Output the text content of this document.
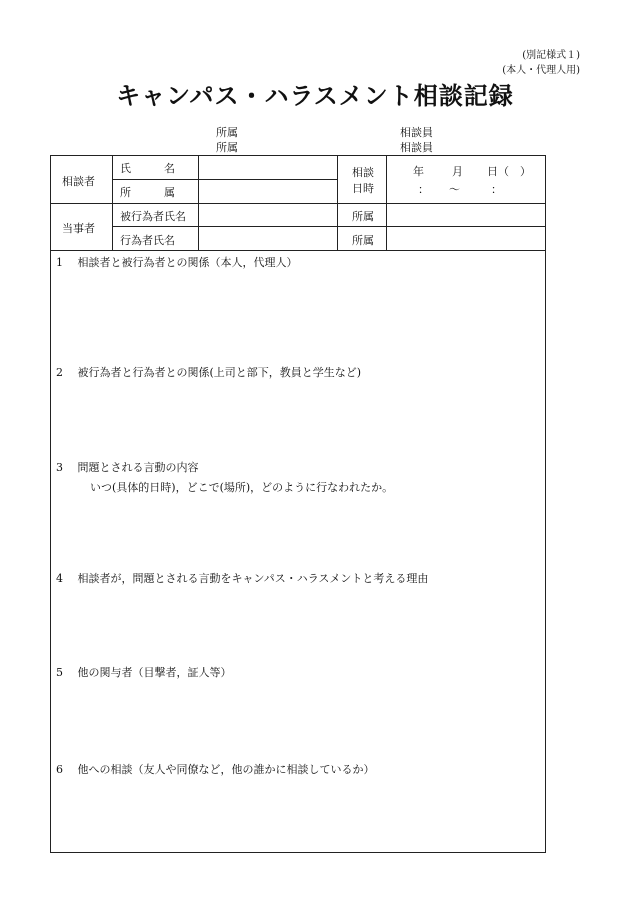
(別記様式１)
(本人・代理人用)
キャンパス・ハラスメント相談記録
所属
所属
相談員
相談員
相談者
氏　　　名
所　　　属
相談
日時
年	月 日（　）
： 〜	：
当事者
被行為者氏名
行為者氏名
所属
所属
1　 相談者と被行為者との関係（本人，代理人）
2　 被行為者と行為者との関係(上司と部下，教員と学生など)
3　 問題とされる言動の内容
いつ(具体的日時)，どこで(場所)，どのように行なわれたか。
4　 相談者が，問題とされる言動をキャンパス・ハラスメントと考える理由
5　 他の関与者（目撃者，証人等）
6　 他への相談（友人や同僚など，他の誰かに相談しているか）
